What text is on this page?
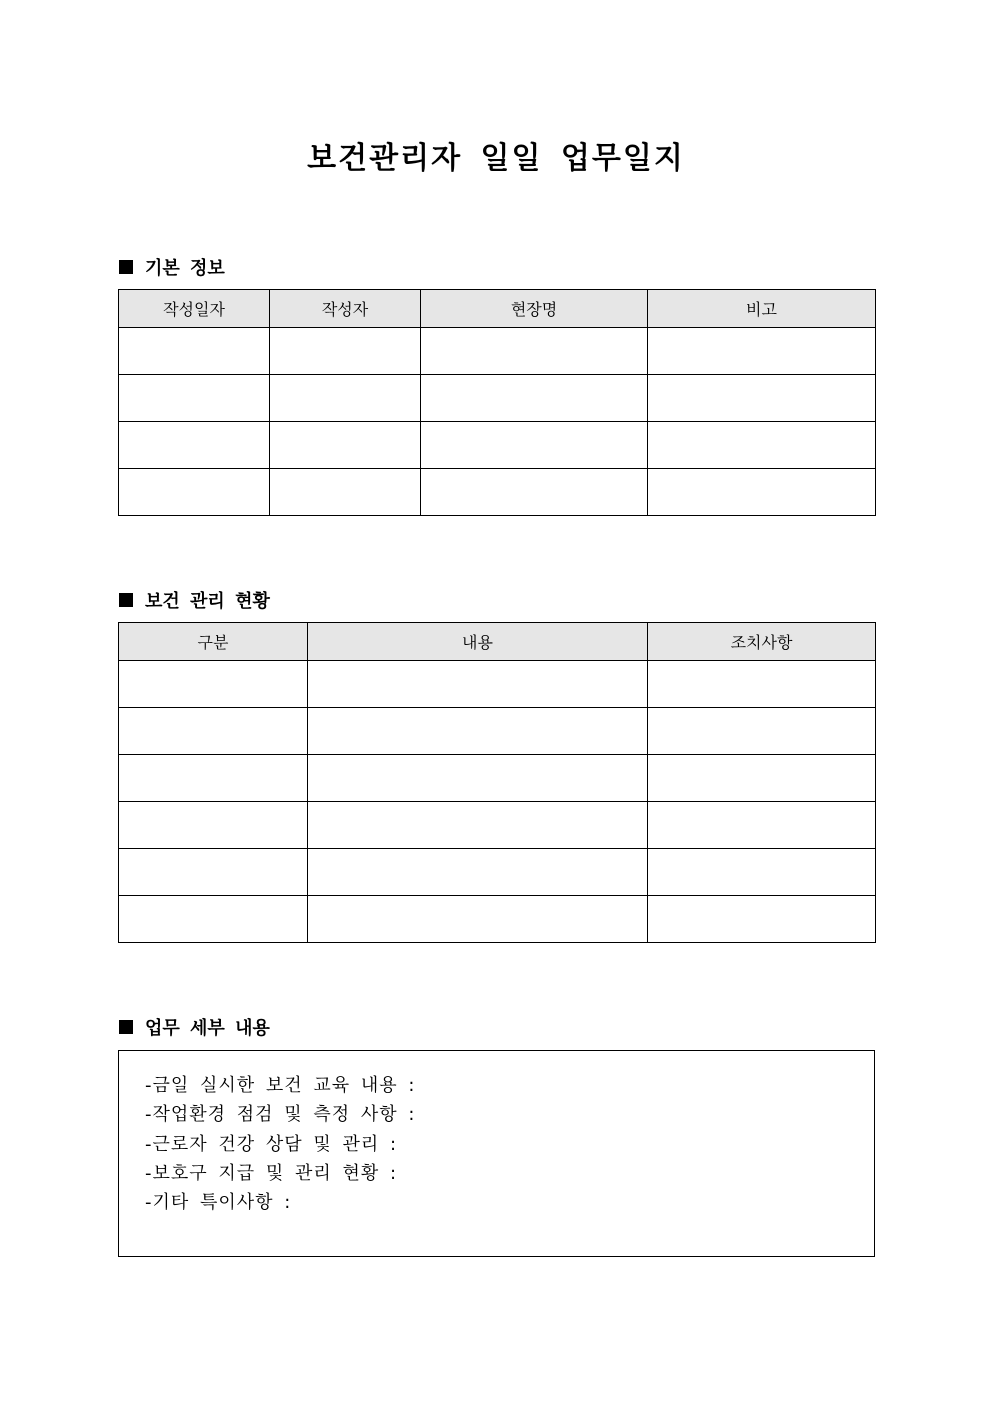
보건관리자 일일 업무일지
기본 정보
작성일자	작성자	현장명	비고

보건 관리 현황
구분	내용	조치사항

업무 세부 내용
-금일 실시한 보건 교육 내용 :
-작업환경 점검 및 측정 사항 :
-근로자 건강 상담 및 관리 :
-보호구 지급 및 관리 현황 :
-기타 특이사항 :
